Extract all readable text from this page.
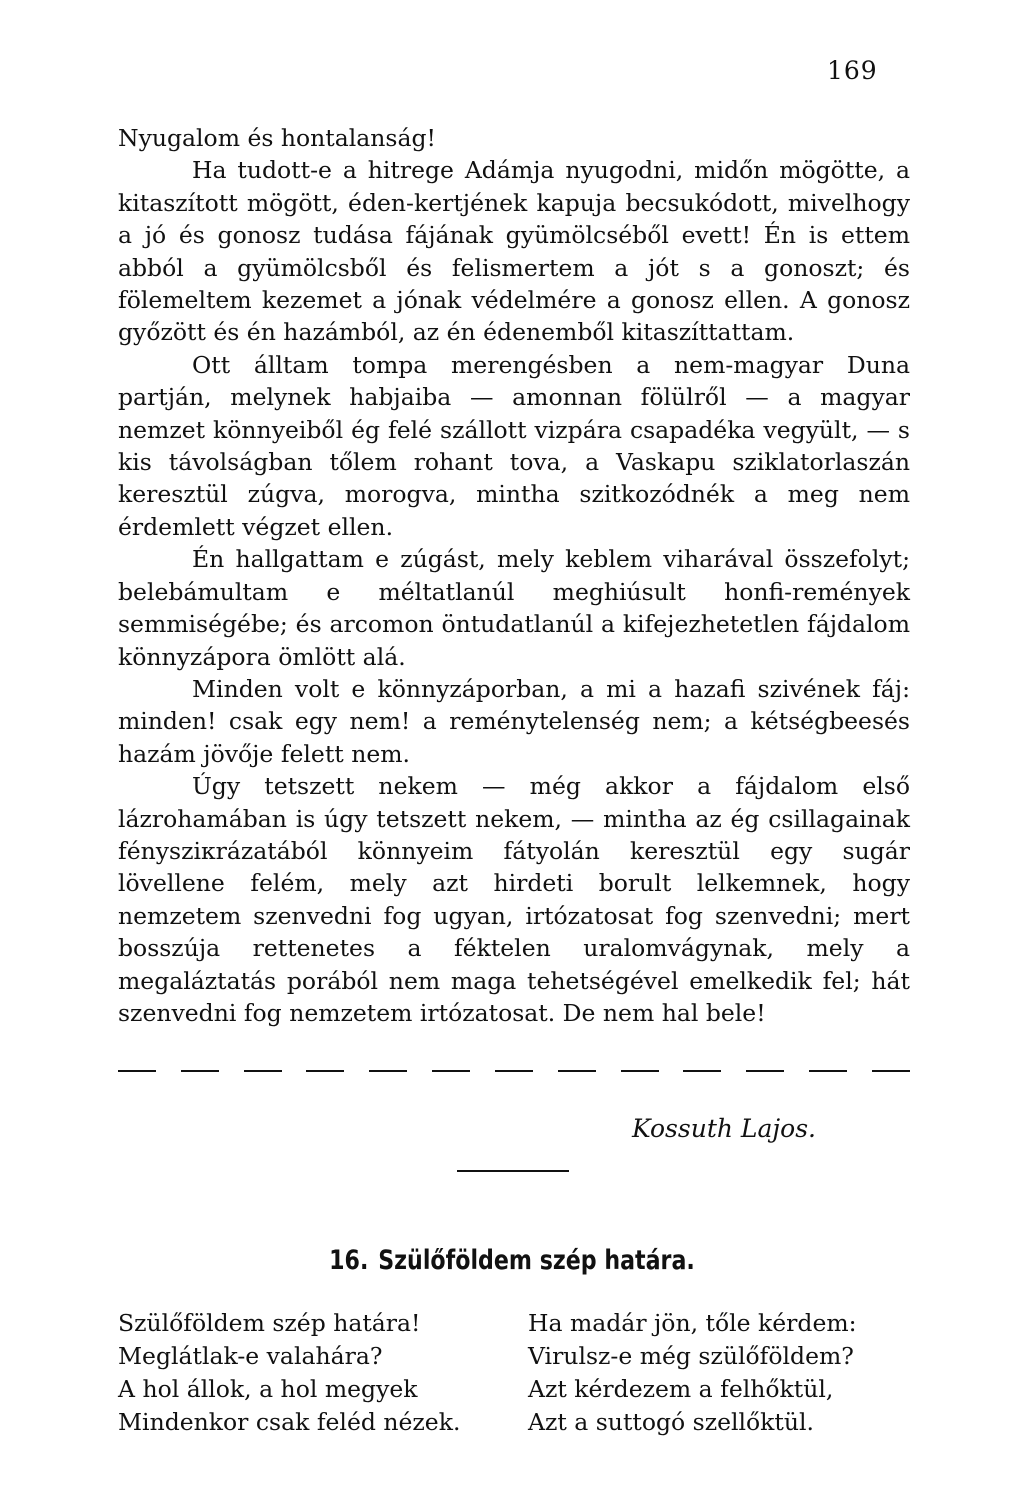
169

Nyugalom és hontalanság!

Ha tudott-e a hitrege Adámja nyugodni, midőn mögötte, a kitaszított mögött, éden-kertjének kapuja becsukódott, mivelhogy a jó és gonosz tudása fájának gyümölcséből evett! Én is ettem abból a gyümölcsből és felismertem a jót s a gonoszt; és fölemeltem kezemet a jónak védelmére a gonosz ellen. A gonosz győzött és én hazámból, az én édenemből kitaszíttattam.

Ott álltam tompa merengésben a nem-magyar Duna partján, melynek habjaiba — amonnan fölülről — a magyar nemzet könnyeiből ég felé szállott vizpára csapadéka vegyült, — s kis távolságban tőlem rohant tova, a Vaskapu sziklatorlaszán keresztül zúgva, morogva, mintha szitkozódnék a meg nem érdemlett végzet ellen.

Én hallgattam e zúgást, mely keblem viharával összefolyt; belebámultam e méltatlanúl meghiúsult honfi-remények semmiségébe; és arcomon öntudatlanúl a kifejezhetetlen fájdalom könnyzápora ömlött alá.

Minden volt e könnyzáporban, a mi a hazafi szivének fáj: minden! csak egy nem! a reménytelenség nem; a kétségbeesés hazám jövője felett nem.

Úgy tetszett nekem — még akkor a fájdalom első lázrohamában is úgy tetszett nekem, — mintha az ég csillagainak fénysziкrázatából könnyeim fátyolán keresztül egy sugár lövellene felém, mely azt hirdeti borult lelkemnek, hogy nemzetem szenvedni fog ugyan, irtózatosat fog szenvedni; mert bosszúja rettenetes a féktelen uralomvágynak, mely a megaláztatás porából nem maga tehetségével emelkedik fel; hát szenvedni fog nemzetem irtózatosat. De nem hal bele!

Kossuth Lajos.
16. Szülőföldem szép határa.
Szülőföldem szép határa!
Meglátlak-e valahára?
A hol állok, a hol megyek
Mindenkor csak feléd nézek.
Ha madár jön, tőle kérdem:
Virulsz-e még szülőföldem?
Azt kérdezem a felhőktül,
Azt a suttogó szellőktül.
